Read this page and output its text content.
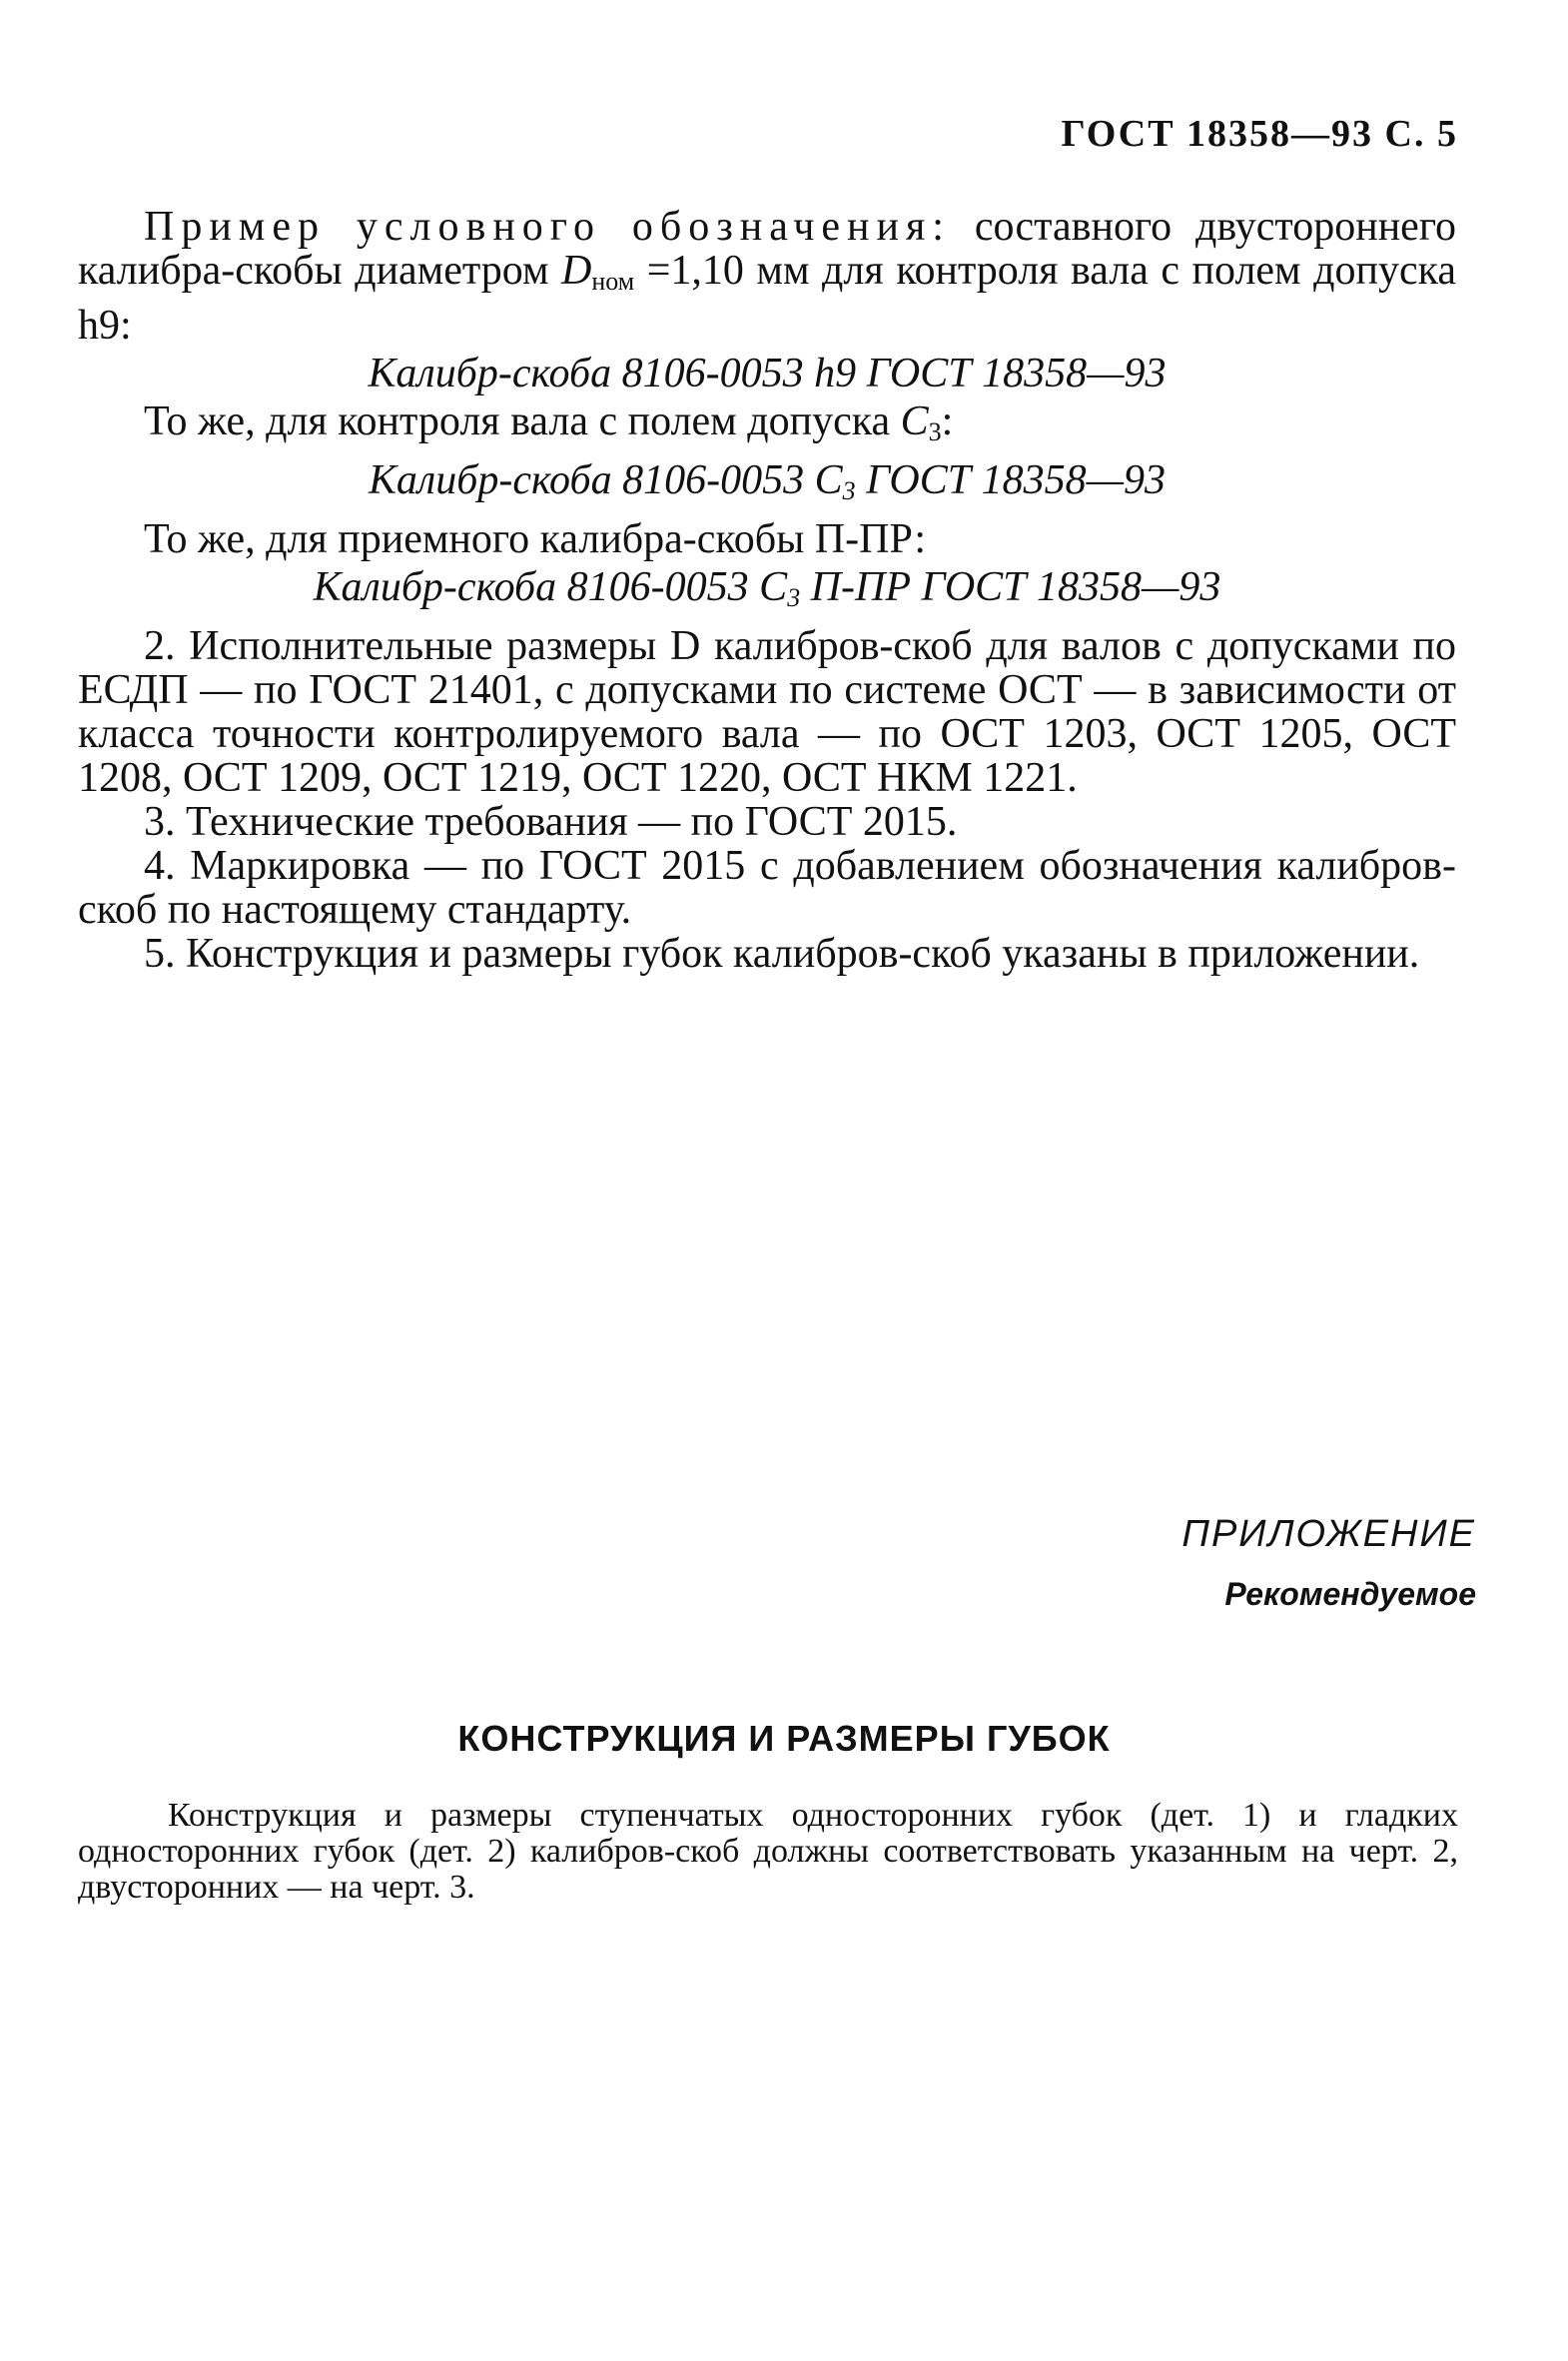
ГОСТ 18358—93 С. 5

Пример условного обозначения: составного двустороннего калибра-скобы диаметром $D_{ном} =1,10$ мм для контроля вала с полем допуска h9:

Калибр-скоба 8106-0053 h9 ГОСТ 18358—93

То же, для контроля вала с полем допуска $C_3$:

Калибр-скоба 8106-0053 $C_3$ ГОСТ 18358—93

То же, для приемного калибра-скобы П-ПР:

Калибр-скоба 8106-0053 $C_3$ П-ПР ГОСТ 18358—93

2. Исполнительные размеры D калибров-скоб для валов с допусками по ЕСДП — по ГОСТ 21401, с допусками по системе ОСТ — в зависимости от класса точности контролируемого вала — по ОСТ 1203, ОСТ 1205, ОСТ 1208, ОСТ 1209, ОСТ 1219, ОСТ 1220, ОСТ НКМ 1221.

3. Технические требования — по ГОСТ 2015.

4. Маркировка — по ГОСТ 2015 с добавлением обозначения калибров-скоб по настоящему стандарту.

5. Конструкция и размеры губок калибров-скоб указаны в приложении.

ПРИЛОЖЕНИЕ
Рекомендуемое
КОНСТРУКЦИЯ И РАЗМЕРЫ ГУБОК
Конструкция и размеры ступенчатых односторонних губок (дет. 1) и гладких односторонних губок (дет. 2) калибров-скоб должны соответствовать указанным на черт. 2, двусторонних — на черт. 3.
